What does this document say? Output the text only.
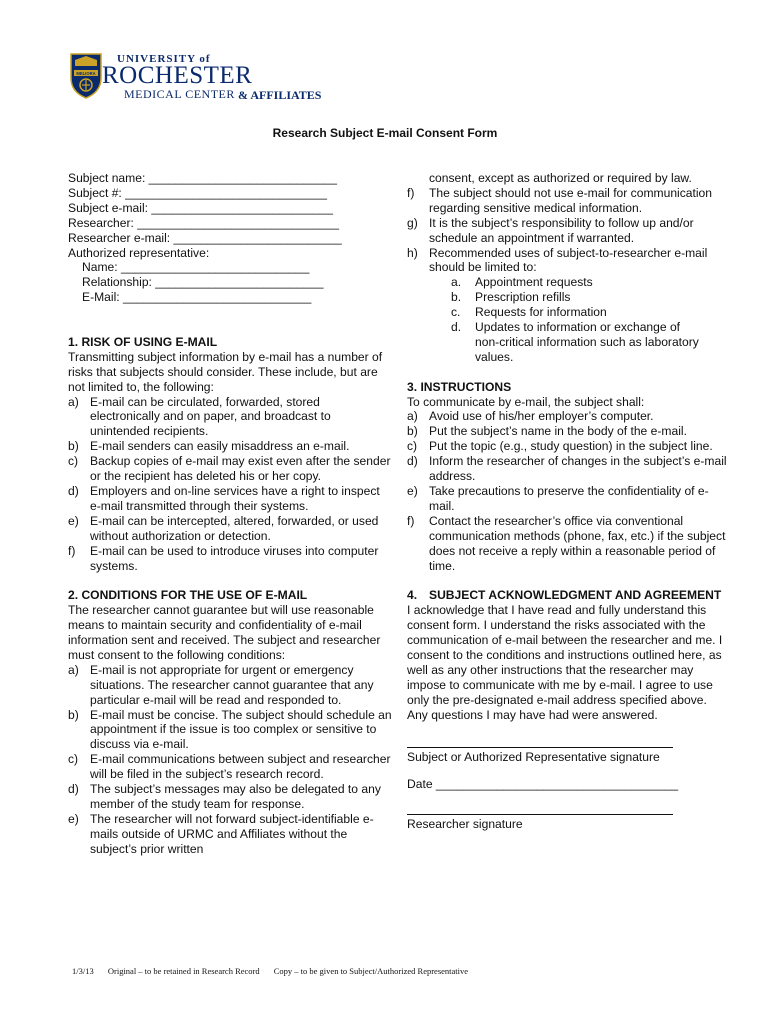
MELIORA
UNIVERSITY of
ROCHESTER
MEDICAL CENTER & AFFILIATES
Research Subject E-mail Consent Form
Subject name: ____________________________
Subject #: ______________________________
Subject e-mail: ___________________________
Researcher: ______________________________
Researcher e-mail: _________________________
Authorized representative:
Name: ____________________________
Relationship: _________________________
E-Mail: ____________________________
1. RISK OF USING E-MAIL
Transmitting subject information by e-mail has a number of risks that subjects should consider. These include, but are not limited to, the following:
a) E-mail can be circulated, forwarded, stored electronically and on paper, and broadcast to unintended recipients.
b) E-mail senders can easily misaddress an e-mail.
c) Backup copies of e-mail may exist even after the sender or the recipient has deleted his or her copy.
d) Employers and on-line services have a right to inspect e-mail transmitted through their systems.
e) E-mail can be intercepted, altered, forwarded, or used without authorization or detection.
f)	E-mail can be used to introduce viruses into computer systems.
2. CONDITIONS FOR THE USE OF E-MAIL
The researcher cannot guarantee but will use reasonable means to maintain security and confidentiality of e-mail information sent and received. The subject and researcher must consent to the following conditions:
a) E-mail is not appropriate for urgent or emergency situations. The researcher cannot guarantee that any particular e-mail will be read and responded to.
b) E-mail must be concise. The subject should schedule an appointment if the issue is too complex or sensitive to discuss via e-mail.
c) E-mail communications between subject and researcher will be filed in the subject’s research record.
d) The subject’s messages may also be delegated to any member of the study team for response.
e) The researcher will not forward subject-identifiable e-mails outside of URMC and Affiliates without the subject’s prior written
consent, except as authorized or required by law.
f)	The subject should not use e-mail for communication regarding sensitive medical information.
g) It is the subject’s responsibility to follow up and/or schedule an appointment if warranted.
h) Recommended uses of subject-to-researcher e-mail should be limited to:
a.	Appointment requests
b.	Prescription refills
c.	Requests for information
d.	Updates to information or exchange of non-critical information such as laboratory values.
3. INSTRUCTIONS
To communicate by e-mail, the subject shall:
a) Avoid use of his/her employer’s computer.
b) Put the subject’s name in the body of the e-mail.
c) Put the topic (e.g., study question) in the subject line.
d) Inform the researcher of changes in the subject’s e-mail address.
e) Take precautions to preserve the confidentiality of e-mail.
f)	Contact the researcher’s office via conventional communication methods (phone, fax, etc.) if the subject does not receive a reply within a reasonable period of time.
4. SUBJECT ACKNOWLEDGMENT AND AGREEMENT
I acknowledge that I have read and fully understand this consent form. I understand the risks associated with the communication of e-mail between the researcher and me. I consent to the conditions and instructions outlined here, as well as any other instructions that the researcher may impose to communicate with me by e-mail. I agree to use only the pre-designated e-mail address specified above. Any questions I may have had were answered.
Subject or Authorized Representative signature
Date ____________________________________
Researcher signature
1/3/13 Original – to be retained in Research Record Copy – to be given to Subject/Authorized Representative
